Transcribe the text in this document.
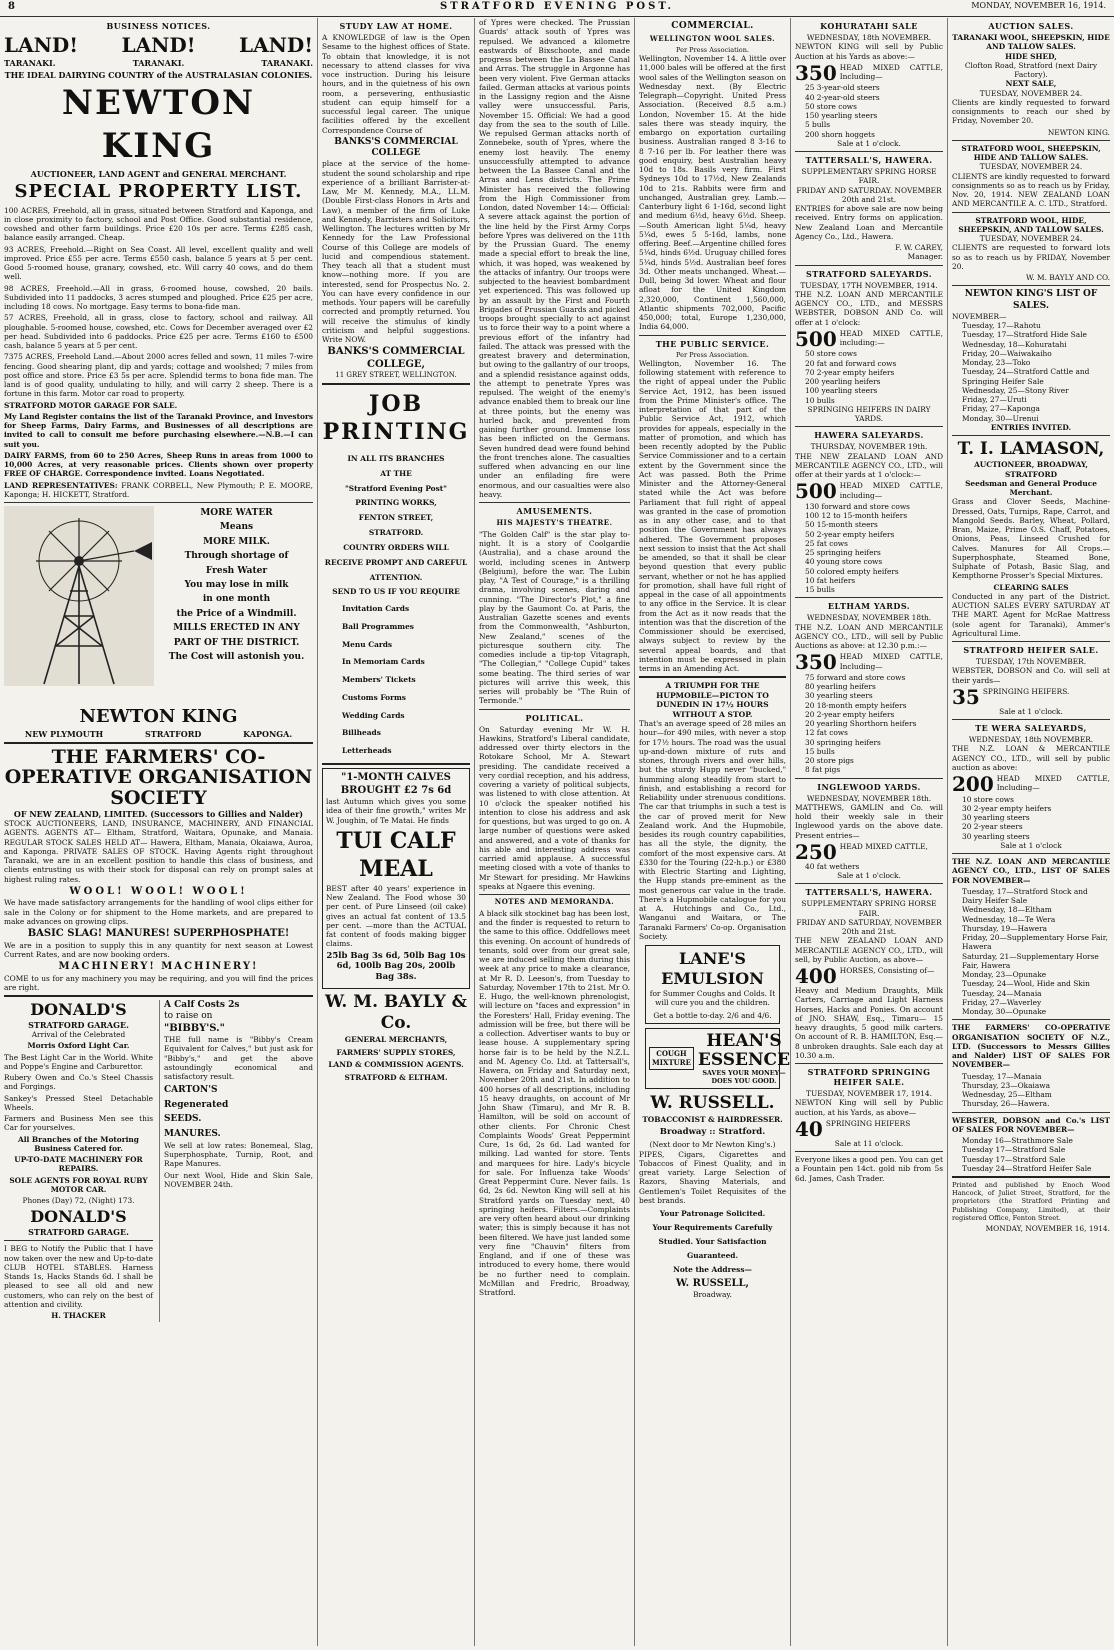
8	STRATFORD EVENING POST.	MONDAY, NOVEMBER 16, 1914.
BUSINESS NOTICES.
LAND! LAND! LAND!
TARANAKI.	TARANAKI.	TARANAKI.
THE IDEAL DAIRYING COUNTRY of the AUSTRALASIAN COLONIES.
NEWTON KING
AUCTIONEER, LAND AGENT and GENERAL MERCHANT.
SPECIAL PROPERTY LIST.

100 ACRES, Freehold, all in grass, situated between Stratford and Kaponga, and in close proximity to factory, school and Post Office. Good substantial residence, cowshed and other farm buildings. Price £20 10s per acre. Terms £285 cash, balance easily arranged. Cheap.

93 ACRES, Freehold.—Right on Sea Coast. All level, excellent quality and well improved. Price £55 per acre. Terms £550 cash, balance 5 years at 5 per cent. Good 5-roomed house, granary, cowshed, etc. Will carry 40 cows, and do them well.

98 ACRES, Freehold.—All in grass, 6-roomed house, cowshed, 20 bails. Subdivided into 11 paddocks, 3 acres stumped and ploughed. Price £25 per acre, including 18 cows. No mortgage. Easy terms to bona-fide man.

57 ACRES, Freehold, all in grass, close to factory, school and railway. All ploughable. 5-roomed house, cowshed, etc. Cows for December averaged over £2 per head. Subdivided into 6 paddocks. Price £25 per acre. Terms £160 to £500 cash, balance 5 years at 5 per cent.

7375 ACRES, Freehold Land.—About 2000 acres felled and sown, 11 miles 7-wire fencing. Good shearing plant, dip and yards; cottage and woolshed; 7 miles from post office and store. Price £3 5s per acre. Splendid terms to bona fide man. The land is of good quality, undulating to hilly, and will carry 2 sheep. There is a fortune in this farm. Motor car road to property.

STRATFORD MOTOR GARAGE FOR SALE.

My Land Register contains the list of the Taranaki Province, and Investors for Sheep Farms, Dairy Farms, and Businesses of all descriptions are invited to call to consult me before purchasing elsewhere.—N.B.—I can suit you.

DAIRY FARMS, from 60 to 250 Acres, Sheep Runs in areas from 1000 to 10,000 Acres, at very reasonable prices. Clients shown over property FREE OF CHARGE. Correspondence invited. Loans Negotiated.

LAND REPRESENTATIVES: FRANK CORBELL, New Plymouth; P. E. MOORE, Kaponga; H. HICKETT, Stratford.

MORE WATER
Means
MORE MILK.
Through shortage of
Fresh Water
You may lose in milk
in one month
the Price of a Windmill.
MILLS ERECTED IN ANY PART OF THE DISTRICT.
The Cost will astonish you.
NEWTON KING
NEW PLYMOUTH	STRATFORD	KAPONGA.
THE FARMERS' CO-OPERATIVE ORGANISATION SOCIETY
OF NEW ZEALAND, LIMITED. (Successors to Gillies and Nalder)

STOCK AUCTIONEERS, LAND, INSURANCE, MACHINERY, AND FINANCIAL AGENTS. AGENTS AT— Eltham, Stratford, Waitara, Opunake, and Manaia. REGULAR STOCK SALES HELD AT— Hawera, Eltham, Manaia, Okaiawa, Auroa, and Kaponga. PRIVATE SALES OF STOCK. Having Agents right throughout Taranaki, we are in an excellent position to handle this class of business, and clients entrusting us with their stock for disposal can rely on prompt sales at highest ruling rates.

WOOL! WOOL! WOOL!

We have made satisfactory arrangements for the handling of wool clips either for sale in the Colony or for shipment to the Home markets, and are prepared to make advances on growing clips.

BASIC SLAG! MANURES! SUPERPHOSPHATE!

We are in a position to supply this in any quantity for next season at Lowest Current Rates, and are now booking orders.

MACHINERY! MACHINERY!

COME to us for any machinery you may be requiring, and you will find the prices are right.

DONALD'S
STRATFORD GARAGE.

Arrival of the Celebrated

Morris Oxford Light Car.

The Best Light Car in the World. White and Poppe's Engine and Carburettor.

Rubery Owen and Co.'s Steel Chassis and Forgings.

Sankey's Pressed Steel Detachable Wheels.

Farmers and Business Men see this Car for yourselves.

All Branches of the Motoring Business Catered for.

UP-TO-DATE MACHINERY FOR REPAIRS.

SOLE AGENTS FOR ROYAL RUBY MOTOR CAR.

Phones (Day) 72, (Night) 173.

DONALD'S
STRATFORD GARAGE.

I BEG to Notify the Public that I have now taken over the new and Up-to-date CLUB HOTEL STABLES. Harness Stands 1s, Hacks Stands 6d. I shall be pleased to see all old and new customers, who can rely on the best of attention and civility.

H. THACKER

A Calf Costs 2s
to raise on
"BIBBY'S."

THE full name is "Bibby's Cream Equivalent for Calves," but just ask for "Bibby's," and get the above astoundingly economical and satisfactory result.

CARTON'S
Regenerated
SEEDS.
MANURES.

We sell at low rates: Bonemeal, Slag, Superphosphate, Turnip, Root, and Rape Manures.

Our next Wool, Hide and Skin Sale, NOVEMBER 24th.

STUDY LAW AT HOME.

A KNOWLEDGE of law is the Open Sesame to the highest offices of State. To obtain that knowledge, it is not necessary to attend classes for viva voce instruction. During his leisure hours, and in the quietness of his own room, a persevering, enthusiastic student can equip himself for a successful legal career. The unique facilities offered by the excellent Correspondence Course of

BANKS'S COMMERCIAL COLLEGE

place at the service of the home-student the sound scholarship and ripe experience of a brilliant Barrister-at-Law, Mr M. Kennedy, M.A., LL.M. (Double First-class Honors in Arts and Law), a member of the firm of Luke and Kennedy, Barristers and Solicitors, Wellington. The lectures written by Mr Kennedy for the Law Professional Course of this College are models of lucid and compendious statement. They teach all that a student must know—nothing more. If you are interested, send for Prospectus No. 2. You can have every confidence in our methods. Your papers will be carefully corrected and promptly returned. You will receive the stimulus of kindly criticism and helpful suggestions. Write NOW.

BANKS'S COMMERCIAL COLLEGE,
11 GREY STREET, WELLINGTON.
JOB PRINTING
IN ALL ITS BRANCHES
AT THE
"Stratford Evening Post"
PRINTING WORKS,
FENTON STREET,
STRATFORD.
COUNTRY ORDERS WILL
RECEIVE PROMPT AND CAREFUL
ATTENTION.
SEND TO US IF YOU REQUIRE
Invitation Cards
Ball Programmes
Menu Cards
In Memoriam Cards
Members' Tickets
Customs Forms
Wedding Cards
Billheads
Letterheads
"1-MONTH CALVES BROUGHT £2 7s 6d

last Autumn which gives you some idea of their fine growth," writes Mr W. Joughin, of Te Matai. He finds

TUI CALF MEAL

BEST after 40 years' experience in New Zealand. The Food whose 30 per cent. of Pure Linseed (oil cake) gives an actual fat content of 13.5 per cent. —more than the ACTUAL fat content of foods making bigger claims.

25lb Bag 3s 6d, 50lb Bag 10s 6d, 100lb Bag 20s, 200lb Bag 38s.

W. M. BAYLY & Co.
GENERAL MERCHANTS,
FARMERS' SUPPLY STORES,
LAND & COMMISSION AGENTS.
STRATFORD & ELTHAM.

of Ypres were checked. The Prussian Guards' attack south of Ypres was repulsed. We advanced a kilometre eastwards of Bixschoote, and made progress between the La Bassee Canal and Arras. The struggle in Argonne has been very violent. Five German attacks failed. German attacks at various points in the Lassigny region and the Aisne valley were unsuccessful. Paris, November 15. Official: We had a good day from the sea to the south of Lille. We repulsed German attacks north of Zonnebeke, south of Ypres, where the enemy lost heavily. The enemy unsuccessfully attempted to advance between the La Bassee Canal and the Arras and Lens districts. The Prime Minister has received the following from the High Commissioner from London, dated November 14:— Official: A severe attack against the portion of the line held by the First Army Corps before Ypres was delivered on the 11th by the Prussian Guard. The enemy made a special effort to break the line, which, it was hoped, was weakened by the attacks of infantry. Our troops were subjected to the heaviest bombardment yet experienced. This was followed up by an assault by the First and Fourth Brigades of Prussian Guards and picked troops brought specially to act against us to force their way to a point where a previous effort of the infantry had failed. The attack was pressed with the greatest bravery and determination, but owing to the gallantry of our troops, and a splendid resistance against odds, the attempt to penetrate Ypres was repulsed. The weight of the enemy's advance enabled them to break our line at three points, but the enemy was hurled back, and prevented from gaining further ground. Immense loss has been inflicted on the Germans. Seven hundred dead were found behind the front trenches alone. The casualties suffered when advancing en our line under an enfilading fire were enormous, and our casualties were also heavy.

AMUSEMENTS.
HIS MAJESTY'S THEATRE.

"The Golden Calf" is the star play to-night. It is a story of Coolgardie (Australia), and a chase around the world, including scenes in Antwerp (Belgium), before the war. The Lubin play, "A Test of Courage," is a thrilling drama, involving scenes, daring and cunning. "The Director's Plot," a fine play by the Gaumont Co. at Paris, the Australian Gazette scenes and events from the Commonwealth, "Ashburton, New Zealand," scenes of the picturesque southern city. The comedies include a tip-top Vitagraph, "The Collegian," "College Cupid" takes some beating. The third series of war pictures will arrive this week, this series will probably be "The Ruin of Termonde."

POLITICAL.

On Saturday evening Mr W. H. Hawkins, Stratford's Liberal candidate, addressed over thirty electors in the Rotokare School, Mr A. Stewart presiding. The candidate received a very cordial reception, and his address, covering a variety of political subjects, was listened to with close attention. At 10 o'clock the speaker notified his intention to close his address and ask for questions, but was urged to go on. A large number of questions were asked and answered, and a vote of thanks for his able and interesting address was carried amid applause. A successful meeting closed with a vote of thanks to Mr Stewart for presiding. Mr Hawkins speaks at Ngaere this evening.

NOTES AND MEMORANDA.

A black silk stockinet bag has been lost, and the finder is requested to return to the same to this office. Oddfellows meet this evening. On account of hundreds of tenants, sold over from our great sale, we are induced selling them during this week at any price to make a clearance, at Mr R. D. Leeson's, from Tuesday to Saturday, November 17th to 21st. Mr O. E. Hugo, the well-known phrenologist, will lecture on "faces and expression" in the Foresters' Hall, Friday evening. The admission will be free, but there will be a collection. Advertiser wants to buy or lease house. A supplementary spring horse fair is to be held by the N.Z.L. and M. Agency Co. Ltd. at Tattersall's, Hawera, on Friday and Saturday next, November 20th and 21st. In addition to 400 horses of all descriptions, including 15 heavy draughts, on account of Mr John Shaw (Timaru), and Mr R. B. Hamilton, will be sold on account of other clients. For Chronic Chest Complaints Woods' Great Peppermint Cure, 1s 6d, 2s 6d. Lad wanted for milking. Lad wanted for store. Tents and marquees for hire. Lady's bicycle for sale. For Influenza take Woods' Great Peppermint Cure. Never fails. 1s 6d, 2s 6d. Newton King will sell at his Stratford yards on Tuesday next, 40 springing heifers. Filters.—Complaints are very often heard about our drinking water; this is simply because it has not been filtered. We have just landed some very fine "Chauvin" filters from England, and if one of these was introduced to every home, there would be no further need to complain. McMillan and Fredric, Broadway, Stratford.

COMMERCIAL.
WELLINGTON WOOL SALES.
Per Press Association.

Wellington, November 14. A little over 11,000 bales will be offered at the first wool sales of the Wellington season on Wednesday next. (By Electric Telegraph—Copyright. United Press Association. (Received 8.5 a.m.) London, November 15. At the hide sales there was steady inquiry, the embargo on exportation curtailing business. Australian ranged 8 3-16 to 8 7-16 per lb. For leather there was good enquiry, best Australian heavy 10d to 18s. Basils very firm. First Sydneys 10d to 17½d, New Zealands 10d to 21s. Rabbits were firm and unchanged, Australian grey. Lamb.—Canterbury light 6 1-16d, second light and medium 6½d, heavy 6½d. Sheep.—South American light 5¼d, heavy 5¼d, ewes 5 5-16d, lambs, none offering. Beef.—Argentine chilled fores 5¼d, hinds 6½d. Uruguay chilled fores 5¼d, hinds 5½d. Australian beef fores 3d. Other meats unchanged. Wheat.—Dull, being 3d lower. Wheat and flour afloat for the United Kingdom 2,320,000, Continent 1,560,000, Atlantic shipments 702,000, Pacific 450,000; total, Europe 1,230,000, India 64,000.

THE PUBLIC SERVICE.
Per Press Association.

Wellington, November 16. The following statement with reference to the right of appeal under the Public Service Act, 1912, has been issued from the Prime Minister's office. The interpretation of that part of the Public Service Act, 1912, which provides for appeals, especially in the matter of promotion, and which has been recently adopted by the Public Service Commissioner and to a certain extent by the Government since the Act was passed. Both the Prime Minister and the Attorney-General stated while the Act was before Parliament that full right of appeal was granted in the case of promotion as in any other case, and to that position the Government has always adhered. The Government proposes next session to insist that the Act shall be amended, so that it shall be clear beyond question that every public servant, whether or not he has applied for promotion, shall have full right of appeal in the case of all appointments to any office in the Service. It is clear from the Act as it now reads that the intention was that the discretion of the Commissioner should be exercised, always subject to review by the several appeal boards, and that intention must be expressed in plain terms in an Amending Act.

A TRIUMPH FOR THE HUPMOBILE—PICTON TO DUNEDIN IN 17½ HOURS WITHOUT A STOP.

That's an average speed of 28 miles an hour—for 490 miles, with never a stop for 17½ hours. The road was the usual up-and-down mixture of ruts and stones, through rivers and over hills, but the sturdy Hupp never "bucked," humming along steadily from start to finish, and establishing a record for Reliability under strenuous conditions. The car that triumphs in such a test is the car of proved merit for New Zealand work. And the Hupmobile, besides its rough country capabilities, has all the style, the dignity, the comfort of the most expensive cars. At £330 for the Touring (22-h.p.) or £380 with Electric Starting and Lighting, the Hupp stands pre-eminent as the most generous car value in the trade. There's a Hupmobile catalogue for you at A. Hutchings and Co., Ltd., Wanganui and Waitara, or The Taranaki Farmers' Co-op. Organisation Society.

LANE'S EMULSION
for Summer Coughs and Colds. It will cure you and the children.
Get a bottle to-day. 2/6 and 4/6.
COUGH
MIXTURE
HEAN'S ESSENCE
SAVES YOUR MONEY—DOES YOU GOOD.
W. RUSSELL.
TOBACCONIST & HAIRDRESSER.
Broadway :: Stratford.
(Next door to Mr Newton King's.)

PIPES, Cigars, Cigarettes and Tobaccos of Finest Quality, and in great variety. Large Selection of Razors, Shaving Materials, and Gentlemen's Toilet Requisites of the best brands.

Your Patronage Solicited.
Your Requirements Carefully Studied. Your Satisfaction Guaranteed.
Note the Address—
W. RUSSELL,
Broadway.
KOHURATAHI SALE
WEDNESDAY, 18th NOVEMBER.

NEWTON KING will sell by Public Auction at his Yards as above:—

350 HEAD MIXED CATTLE, Including—

25 3-year-old steers
40 2-year-old steers
50 store cows
150 yearling steers
5 bulls
200 shorn hoggets
Sale at 1 o'clock.
TATTERSALL'S, HAWERA.
SUPPLEMENTARY SPRING HORSE FAIR.
FRIDAY AND SATURDAY. NOVEMBER 20th and 21st.

ENTRIES for above sale are now being received. Entry forms on application. New Zealand Loan and Mercantile Agency Co., Ltd., Hawera.

F. W. CAREY,
Manager.
STRATFORD SALEYARDS.
TUESDAY, 17TH NOVEMBER, 1914.

THE N.Z. LOAN AND MERCANTILE AGENCY CO., LTD., and MESSRS WEBSTER, DOBSON AND Co. will offer at 1 o'clock:

500 HEAD MIXED CATTLE, including:—

50 store cows
20 fat and forward cows
70 2-year empty heifers
200 yearling heifers
100 yearling steers
10 bulls
SPRINGING HEIFERS IN DAIRY YARDS.
HAWERA SALEYARDS.
THURSDAY, NOVEMBER 19th.

THE NEW ZEALAND LOAN AND MERCANTILE AGENCY CO., LTD., will offer at their yards at 1 o'clock:—

500 HEAD MIXED CATTLE, including—

130 forward and store cows
100 12 to 15-month heifers
50 15-month steers
50 2-year empty heifers
25 fat cows
25 springing heifers
40 young store cows
50 colored empty heifers
10 fat heifers
15 bulls
ELTHAM YARDS.
WEDNESDAY, NOVEMBER 18th.

THE N.Z. LOAN AND MERCANTILE AGENCY CO., LTD., will sell by Public Auctions as above: at 12.30 p.m.:—

350 HEAD MIXED CATTLE, Including—

75 forward and store cows
80 yearling heifers
30 yearling steers
20 18-month empty heifers
20 2-year empty heifers
20 yearling Shorthorn heifers
12 fat cows
30 springing heifers
15 bulls
20 store pigs
8 fat pigs
INGLEWOOD YARDS.
WEDNESDAY, NOVEMBER 18th.

MATTHEWS, GAMLIN and Co. will hold their weekly sale in their Inglewood yards on the above date. Present entries—

250 HEAD MIXED CATTLE,

40 fat wethers
Sale at 1 o'clock.
TATTERSALL'S, HAWERA.
SUPPLEMENTARY SPRING HORSE FAIR.
FRIDAY AND SATURDAY, NOVEMBER 20th and 21st.

THE NEW ZEALAND LOAN AND MERCANTILE AGENCY CO., LTD., will sell, by Public Auction, as above—

400 HORSES, Consisting of—

Heavy and Medium Draughts, Milk Carters, Carriage and Light Harness Horses, Hacks and Ponies. On account of JNO. SHAW, Esq., Timaru— 15 heavy draughts, 5 good milk carters. On account of R. B. HAMILTON, Esq.— 8 unbroken draughts. Sale each day at 10.30 a.m.

STRATFORD SPRINGING HEIFER SALE.
TUESDAY, NOVEMBER 17, 1914.

NEWTON King will sell by Public auction, at his Yards, as above—

40 SPRINGING HEIFERS

Sale at 11 o'clock.

Everyone likes a good pen. You can get a Fountain pen 14ct. gold nib from 5s 6d. James, Cash Trader.

AUCTION SALES.
TARANAKI WOOL, SHEEPSKIN, HIDE AND TALLOW SALES.
HIDE SHED,
Clofton Road, Stratford (next Dairy Factory).
NEXT SALE,
TUESDAY, NOVEMBER 24.

Clients are kindly requested to forward consignments to reach our shed by Friday, November 20.

NEWTON KING.
STRATFORD WOOL, SHEEPSKIN, HIDE AND TALLOW SALES.
TUESDAY, NOVEMBER 24.

CLIENTS are kindly requested to forward consignments so as to reach us by Friday, Nov. 20, 1914. NEW ZEALAND LOAN AND MERCANTILE A. C. LTD., Stratford.

STRATFORD WOOL, HIDE, SHEEPSKIN, AND TALLOW SALES.
TUESDAY, NOVEMBER 24.

CLIENTS are requested to forward lots so as to reach us by FRIDAY, November 20.

W. M. BAYLY AND CO.
NEWTON KING'S LIST OF SALES.
NOVEMBER—
Tuesday, 17—Rahotu
Tuesday, 17—Stratford Hide Sale
Wednesday, 18—Kohuratahi
Friday, 20—Waiwakaiho
Monday, 23—Toko
Tuesday, 24—Stratford Cattle and Springing Heifer Sale
Wednesday, 25—Stony River
Friday, 27—Uruti
Friday, 27—Kaponga
Monday, 30—Urenui
ENTRIES INVITED.
T. I. LAMASON,
AUCTIONEER, BROADWAY, STRATFORD
Seedsman and General Produce Merchant.

Grass and Clover Seeds, Machine-Dressed, Oats, Turnips, Rape, Carrot, and Mangold Seeds. Barley, Wheat, Pollard, Bran, Maize, Prime O.S. Chaff, Potatoes, Onions, Peas, Linseed Crushed for Calves. Manures for All Crops.—Superphosphate, Steamed Bone, Sulphate of Potash, Basic Slag, and Kempthorne Prosser's Special Mixtures.

CLEARING SALES

Conducted in any part of the District. AUCTION SALES EVERY SATURDAY AT THE MART. Agent for McRae Mattress (sole agent for Taranaki), Ammer's Agricultural Lime.

STRATFORD HEIFER SALE.
TUESDAY, 17th NOVEMBER.

WEBSTER, DOBSON and Co. will sell at their yards—

35 SPRINGING HEIFERS.

Sale at 1 o'clock.
TE WERA SALEYARDS,
WEDNESDAY, 18th NOVEMBER.

THE N.Z. LOAN & MERCANTILE AGENCY CO., LTD., will sell by public auction as above:

200 HEAD MIXED CATTLE, Including—

10 store cows
30 2-year empty heifers
30 yearling steers
20 2-year steers
30 yearling steers
Sale at 1 o'clock

THE N.Z. LOAN AND MERCANTILE AGENCY CO., LTD., LIST OF SALES FOR NOVEMBER—

Tuesday, 17—Stratford Stock and Dairy Heifer Sale
Wednesday, 18—Eltham
Wednesday, 18—Te Wera
Thursday, 19—Hawera
Friday, 20—Supplementary Horse Fair, Hawera
Saturday, 21—Supplementary Horse Fair, Hawera
Monday, 23—Opunake
Tuesday, 24—Wool, Hide and Skin
Tuesday, 24—Manaia
Friday, 27—Waverley
Monday, 30—Opunake

THE FARMERS' CO-OPERATIVE ORGANISATION SOCIETY OF N.Z., LTD. (Successors to Messrs Gillies and Nalder) LIST OF SALES FOR NOVEMBER—

Tuesday, 17—Manaia
Thursday, 23—Okaiawa
Wednesday, 25—Eltham
Thursday, 26—Hawera.

WEBSTER, DOBSON and Co.'s LIST OF SALES FOR NOVEMBER—

Monday 16—Strathmore Sale
Tuesday 17—Stratford Sale
Tuesday 17—Stratford Sale
Tuesday 24—Stratford Heifer Sale

Printed and published by Enoch Wood Hancock, of Juliet Street, Stratford, for the proprietors (the Stratford Printing and Publishing Company, Limited), at their registered Office, Fenton Street.

MONDAY, NOVEMBER 16, 1914.
